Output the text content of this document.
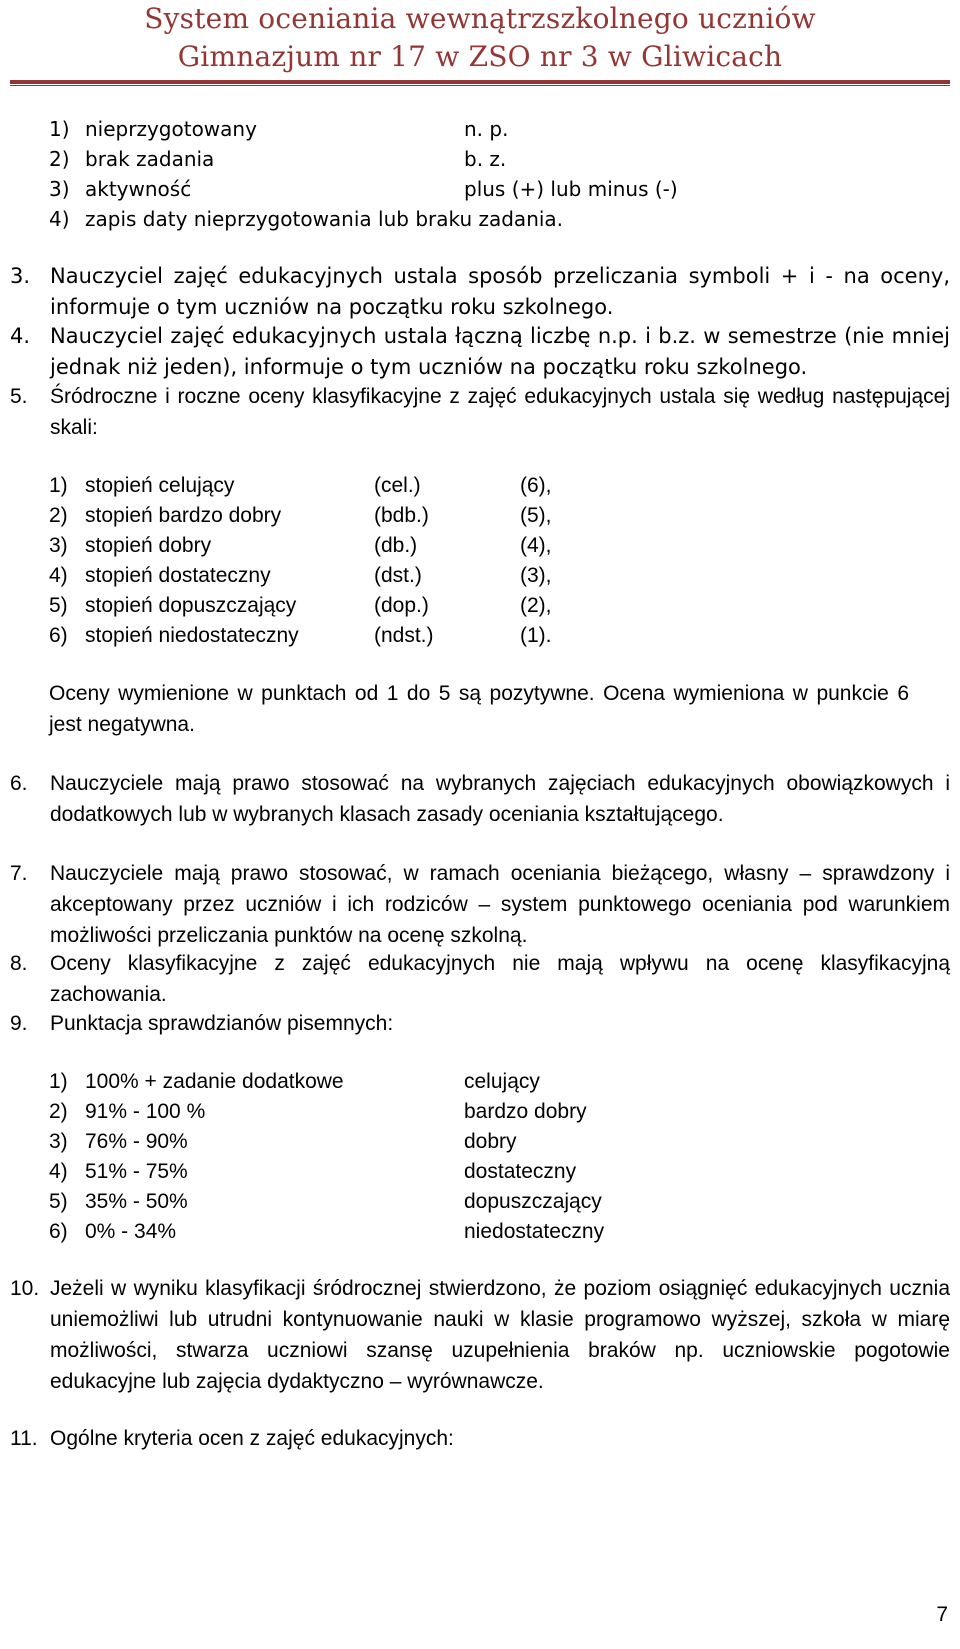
System oceniania wewnątrzszkolnego uczniów
Gimnazjum nr 17 w ZSO nr 3 w Gliwicach
1) nieprzygotowany	n. p.
2) brak zadania	b. z.
3) aktywność	plus (+) lub minus (-)
4) zapis daty nieprzygotowania lub braku zadania.
3. Nauczyciel zajęć edukacyjnych ustala sposób przeliczania symboli + i - na oceny, informuje o tym uczniów na początku roku szkolnego.
4. Nauczyciel zajęć edukacyjnych ustala łączną liczbę n.p. i b.z. w semestrze (nie mniej jednak niż jeden), informuje o tym uczniów na początku roku szkolnego.
5. Śródroczne i roczne oceny klasyfikacyjne z zajęć edukacyjnych ustala się według następującej skali:
1) stopień celujący	(cel.)	(6),
2) stopień bardzo dobry	(bdb.)	(5),
3) stopień dobry	(db.)	(4),
4) stopień dostateczny	(dst.)	(3),
5) stopień dopuszczający	(dop.)	(2),
6) stopień niedostateczny	(ndst.)	(1).
Oceny wymienione w punktach od 1 do 5 są pozytywne. Ocena wymieniona w punkcie 6 jest negatywna.
6. Nauczyciele mają prawo stosować na wybranych zajęciach edukacyjnych obowiązkowych i dodatkowych lub w wybranych klasach zasady oceniania kształtującego.
7. Nauczyciele mają prawo stosować, w ramach oceniania bieżącego, własny – sprawdzony i akceptowany przez uczniów i ich rodziców – system punktowego oceniania pod warunkiem możliwości przeliczania punktów na ocenę szkolną.
8. Oceny klasyfikacyjne z zajęć edukacyjnych nie mają wpływu na ocenę klasyfikacyjną zachowania.
9. Punktacja sprawdzianów pisemnych:
1) 100% + zadanie dodatkowe	celujący
2) 91% - 100 %	bardzo dobry
3) 76% - 90%	dobry
4) 51% - 75%	dostateczny
5) 35% - 50%	dopuszczający
6) 0% - 34%	niedostateczny
10. Jeżeli w wyniku klasyfikacji śródrocznej stwierdzono, że poziom osiągnięć edukacyjnych ucznia uniemożliwi lub utrudni kontynuowanie nauki w klasie programowo wyższej, szkoła w miarę możliwości, stwarza uczniowi szansę uzupełnienia braków np. uczniowskie pogotowie edukacyjne lub zajęcia dydaktyczno – wyrównawcze.
11. Ogólne kryteria ocen z zajęć edukacyjnych:
7
